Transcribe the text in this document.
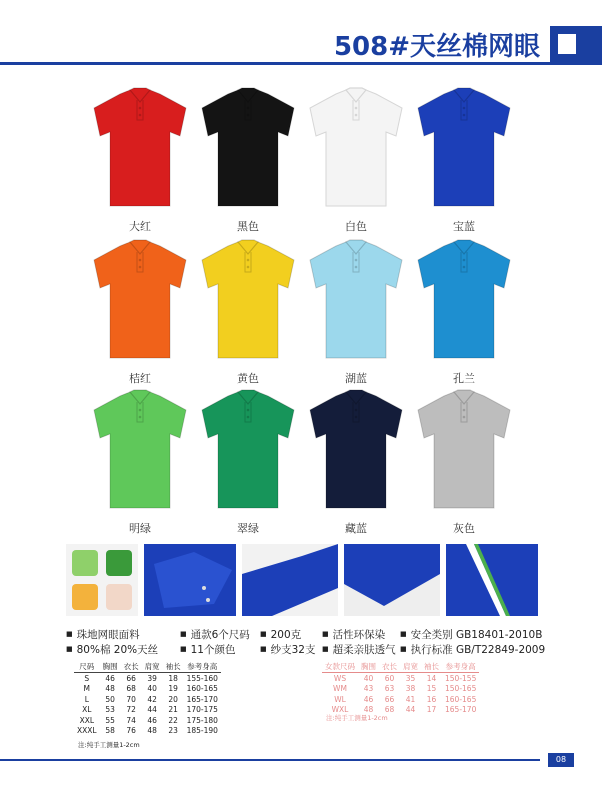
508#天丝棉网眼
大红	黑色	白色	宝蓝
桔红	黄色	湖蓝	孔兰
明绿	翠绿	藏蓝	灰色
■ 珠地网眼面料	■ 通款6个尺码	■ 200克	■ 活性环保染	■ 安全类别 GB18401-2010B
■ 80%棉 20%天丝	■ 11个颜色	■ 纱支32支	■ 超柔亲肤透气	■ 执行标准 GB/T22849-2009
尺码	胸围	衣长	肩宽	袖长	参考身高
S	46	66	39	18	155-160
M	48	68	40	19	160-165
L	50	70	42	20	165-170
XL	53	72	44	21	170-175
XXL	55	74	46	22	175-180
XXXL	58	76	48	23	185-190
注:纯手工测量1-2cm
女款尺码	胸围	衣长	肩宽	袖长	参考身高
WS	40	60	35	14	150-155
WM	43	63	38	15	150-165
WL	46	66	41	16	160-165
WXL	48	68	44	17	165-170
注:纯手工测量1-2cm
08
